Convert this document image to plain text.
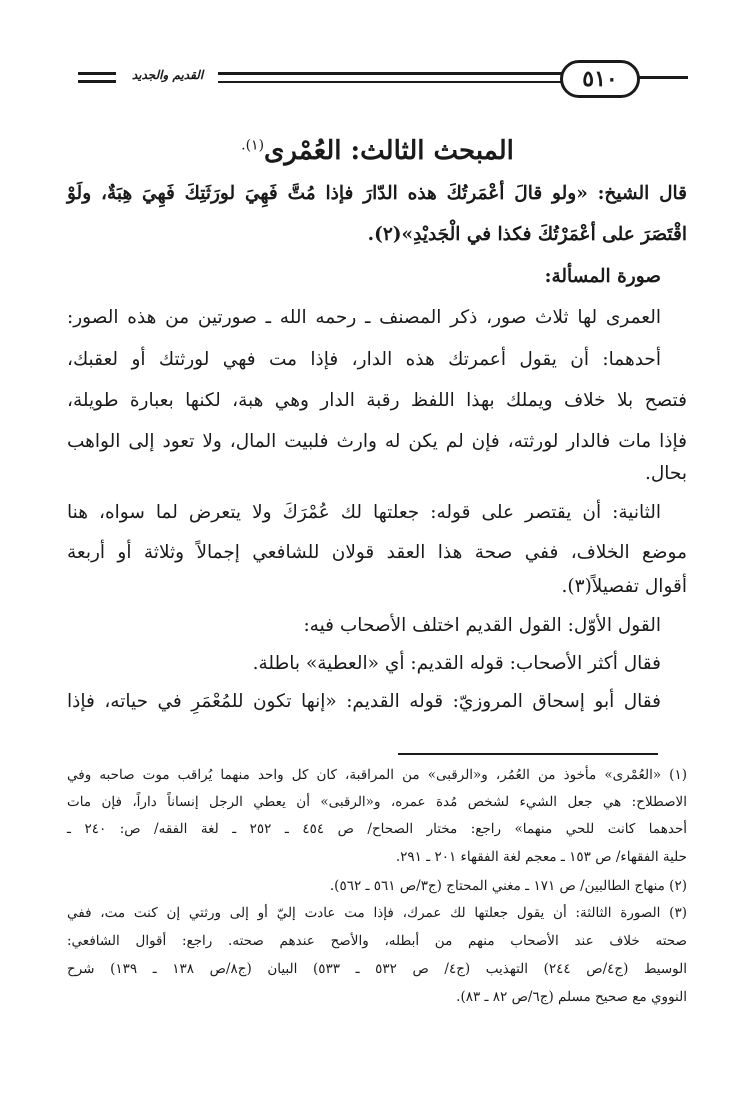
القديم والجديد	٥١٠
المبحث الثالث: العُمْرى$^{(١).}$
قال الشيخ: «ولو قالَ أعْمَرتُكَ هذه الدّارَ فإذا مُتَّ فَهِيَ لورَثَتِكَ فَهِيَ هِبَةٌ، ولَوْ
اقْتَصَرَ على أعْمَرْتُكَ فكذا في الْجَديْدِ»(٢).
صورة المسألة:
العمرى لها ثلاث صور، ذكر المصنف ـ رحمه الله ـ صورتين من هذه الصور:
أحدهما: أن يقول أعمرتك هذه الدار، فإذا مت فهي لورثتك أو لعقبك،
فتصح بلا خلاف ويملك بهذا اللفظ رقبة الدار وهي هبة، لكنها بعبارة طويلة،
فإذا مات فالدار لورثته، فإن لم يكن له وارث فلبيت المال، ولا تعود إلى الواهب
بحال.
الثانية: أن يقتصر على قوله: جعلتها لك عُمْرَكَ ولا يتعرض لما سواه، هنا
موضع الخلاف، ففي صحة هذا العقد قولان للشافعي إجمالاً وثلاثة أو أربعة
أقوال تفصيلاً(٣).
القول الأوّل: القول القديم اختلف الأصحاب فيه:
فقال أكثر الأصحاب: قوله القديم: أي «العطية» باطلة.
فقال أبو إسحاق المروزيّ: قوله القديم: «إنها تكون للمُعْمَرِ في حياته، فإذا
(١) «العُمْرى» مأخوذ من العُمُر، و«الرقبى» من المراقبة، كان كل واحد منهما يُراقب موت صاحبه وفي
الاصطلاح: هي جعل الشيء لشخص مُدة عمره، و«الرقبى» أن يعطي الرجل إنساناً داراً، فإن مات
أحدهما كانت للحي منهما» راجع: مختار الصحاح/ ص ٤٥٤ ـ ٢٥٢ ـ لغة الفقه/ ص: ٢٤٠ ـ
حلية الفقهاء/ ص ١٥٣ ـ معجم لغة الفقهاء ٢٠١ ـ ٢٩١.
(٢) منهاج الطالبين/ ص ١٧١ ـ مغني المحتاج (ج٣/ص ٥٦١ ـ ٥٦٢).
(٣) الصورة الثالثة: أن يقول جعلتها لك عمرك، فإذا مت عادت إليّ أو إلى ورثتي إن كنت مت، ففي
صحته خلاف عند الأصحاب منهم من أبطله، والأصح عندهم صحته. راجع: أقوال الشافعي:
الوسيط (ج٤/ص ٢٤٤) التهذيب (ج٤/ ص ٥٣٢ ـ ٥٣٣) البيان (ج٨/ص ١٣٨ ـ ١٣٩) شرح
النووي مع صحيح مسلم (ج٦/ص ٨٢ ـ ٨٣).
